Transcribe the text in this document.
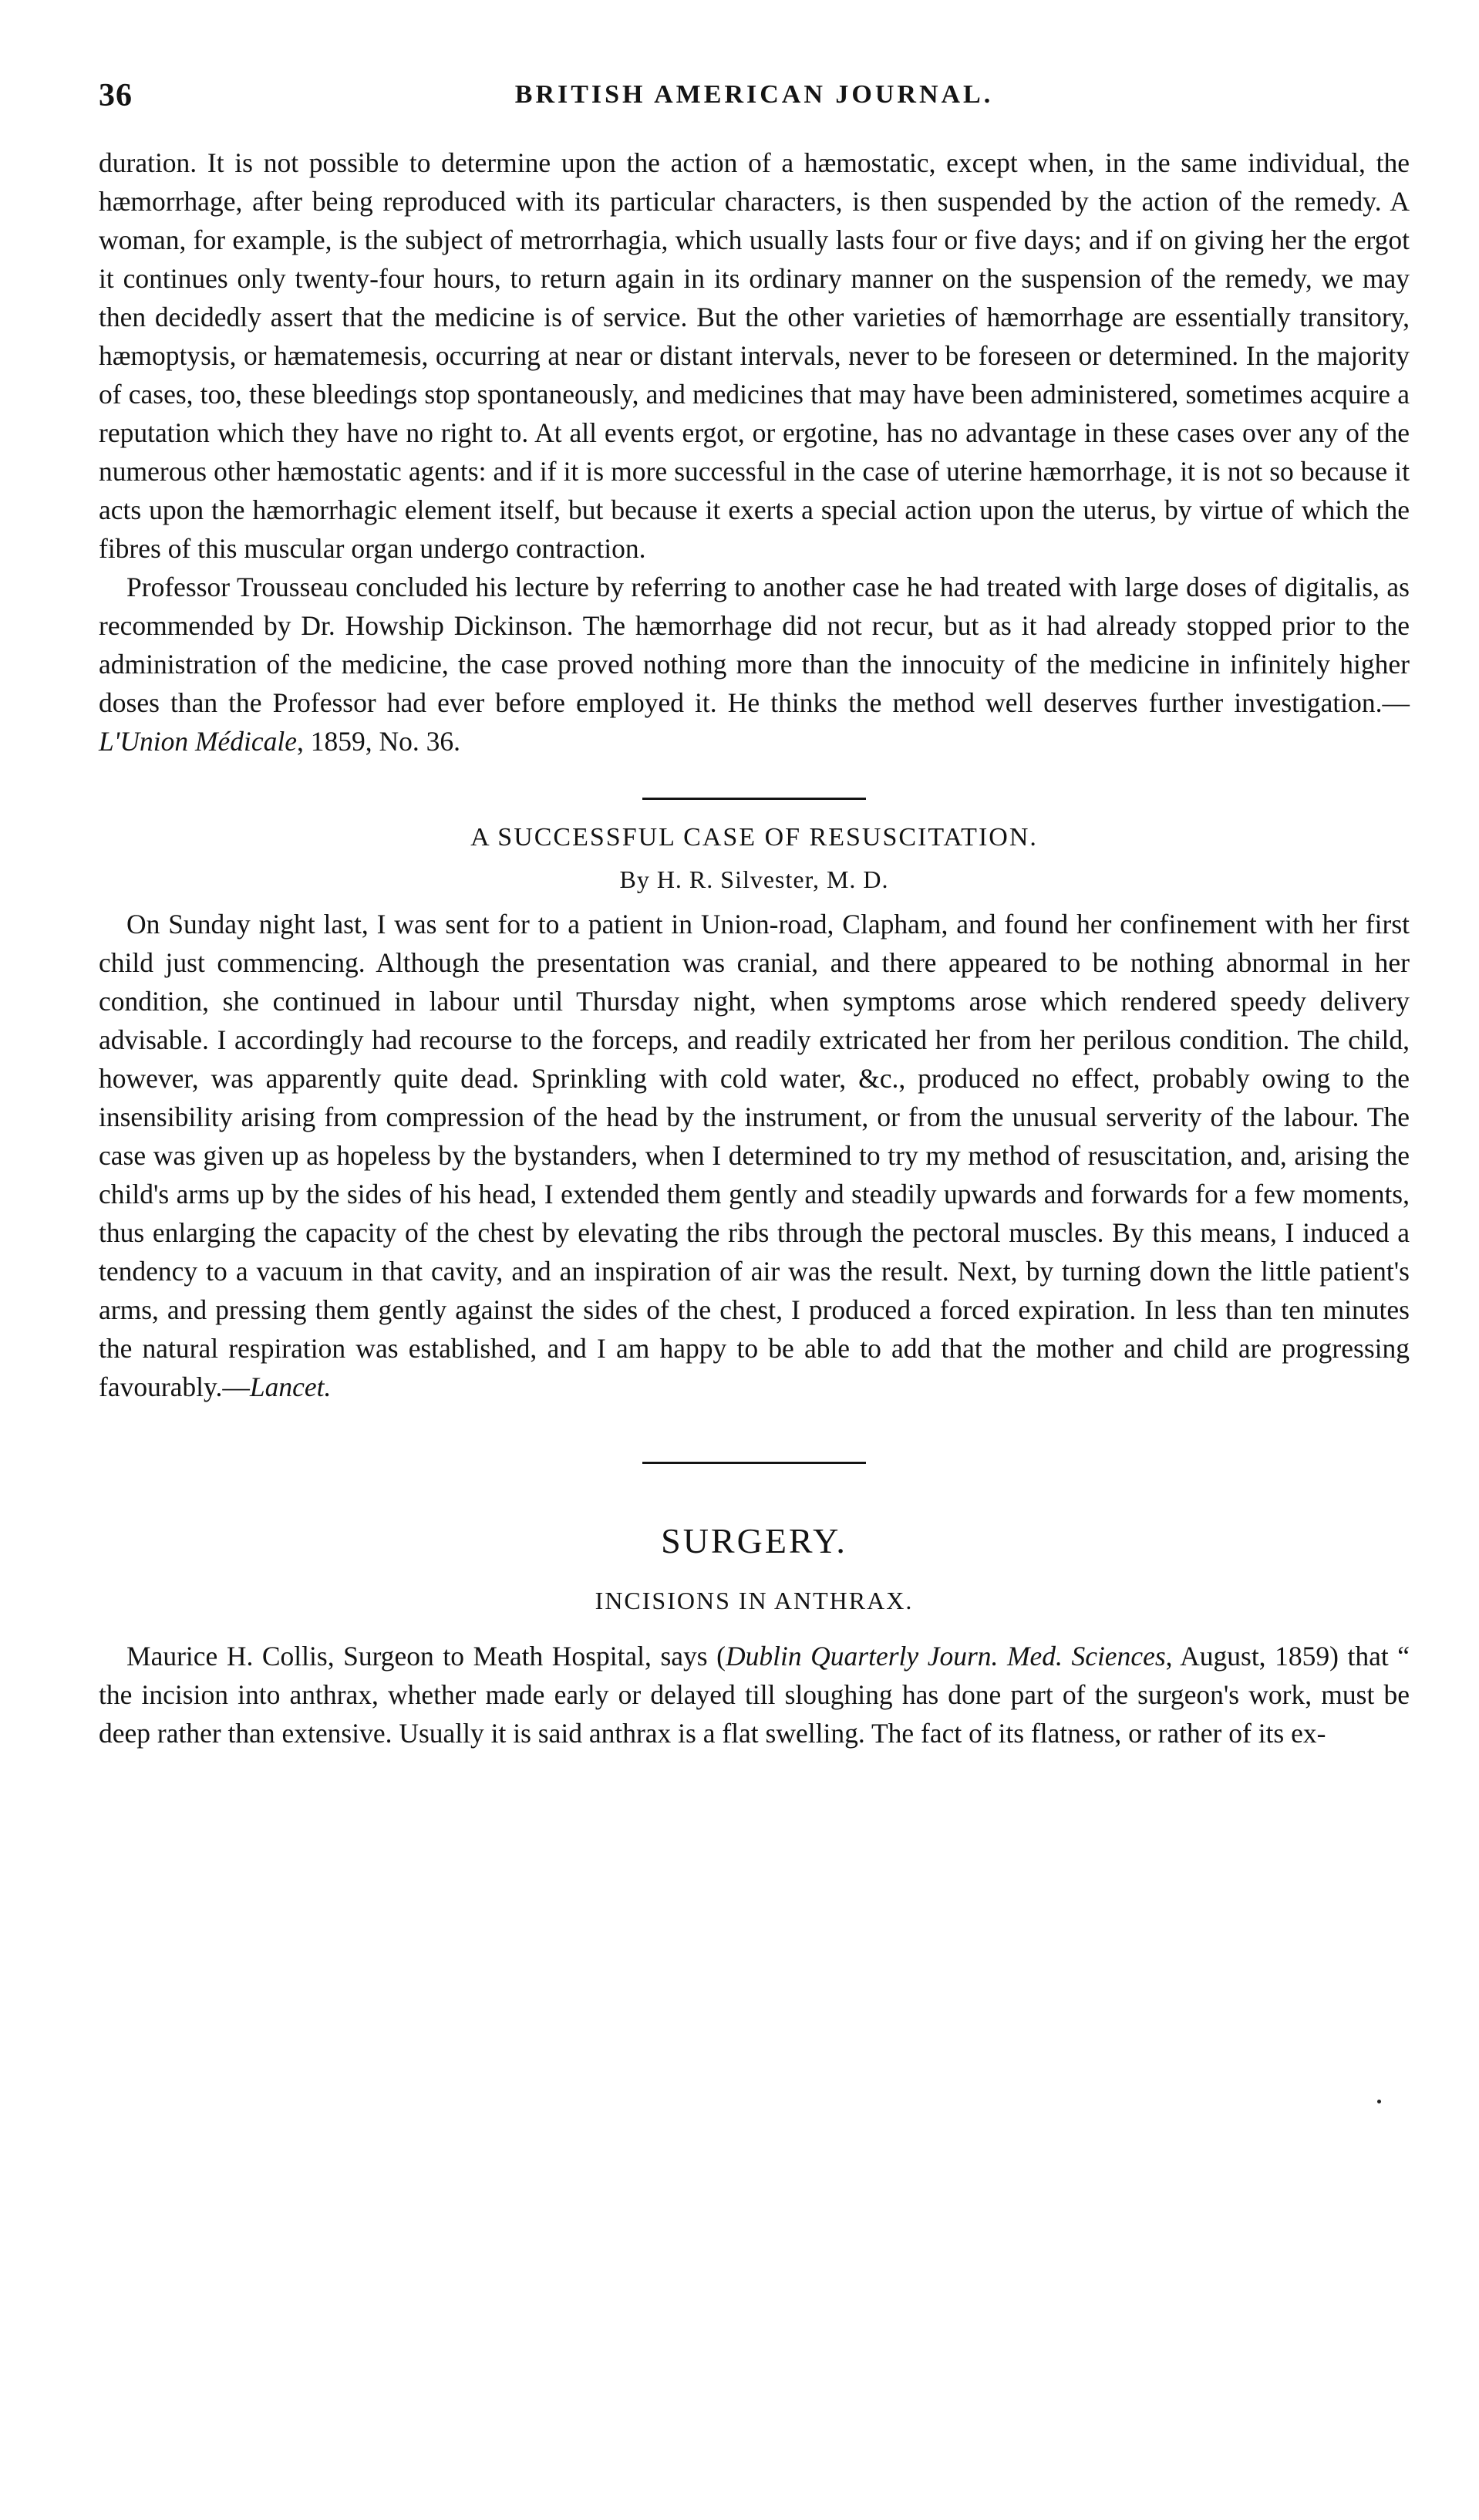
36	BRITISH AMERICAN JOURNAL.

duration. It is not possible to determine upon the action of a hæmostatic, except when, in the same individual, the hæmorrhage, after being reproduced with its particular characters, is then suspended by the action of the remedy. A woman, for example, is the subject of metrorrhagia, which usually lasts four or five days; and if on giving her the ergot it continues only twenty-four hours, to return again in its ordinary manner on the suspension of the remedy, we may then decidedly assert that the medicine is of service. But the other varieties of hæmorrhage are essentially transitory, hæmoptysis, or hæmatemesis, occurring at near or distant intervals, never to be foreseen or determined. In the majority of cases, too, these bleedings stop spontaneously, and medicines that may have been administered, sometimes acquire a reputation which they have no right to. At all events ergot, or ergotine, has no advantage in these cases over any of the numerous other hæmostatic agents: and if it is more successful in the case of uterine hæmorrhage, it is not so because it acts upon the hæmorrhagic element itself, but because it exerts a special action upon the uterus, by virtue of which the fibres of this muscular organ undergo contraction.

Professor Trousseau concluded his lecture by referring to another case he had treated with large doses of digitalis, as recommended by Dr. Howship Dickinson. The hæmorrhage did not recur, but as it had already stopped prior to the administration of the medicine, the case proved nothing more than the innocuity of the medicine in infinitely higher doses than the Professor had ever before employed it. He thinks the method well deserves further investigation.—L'Union Médicale, 1859, No. 36.

A SUCCESSFUL CASE OF RESUSCITATION.
By H. R. Silvester, M. D.

On Sunday night last, I was sent for to a patient in Union-road, Clapham, and found her confinement with her first child just commencing. Although the presentation was cranial, and there appeared to be nothing abnormal in her condition, she continued in labour until Thursday night, when symptoms arose which rendered speedy delivery advisable. I accordingly had recourse to the forceps, and readily extricated her from her perilous condition. The child, however, was apparently quite dead. Sprinkling with cold water, &c., produced no effect, probably owing to the insensibility arising from compression of the head by the instrument, or from the unusual serverity of the labour. The case was given up as hopeless by the bystanders, when I determined to try my method of resuscitation, and, arising the child's arms up by the sides of his head, I extended them gently and steadily upwards and forwards for a few moments, thus enlarging the capacity of the chest by elevating the ribs through the pectoral muscles. By this means, I induced a tendency to a vacuum in that cavity, and an inspiration of air was the result. Next, by turning down the little patient's arms, and pressing them gently against the sides of the chest, I produced a forced expiration. In less than ten minutes the natural respiration was established, and I am happy to be able to add that the mother and child are progressing favourably.—Lancet.

SURGERY.
INCISIONS IN ANTHRAX.

Maurice H. Collis, Surgeon to Meath Hospital, says (Dublin Quarterly Journ. Med. Sciences, August, 1859) that “ the incision into anthrax, whether made early or delayed till sloughing has done part of the surgeon's work, must be deep rather than extensive. Usually it is said anthrax is a flat swelling. The fact of its flatness, or rather of its ex-
